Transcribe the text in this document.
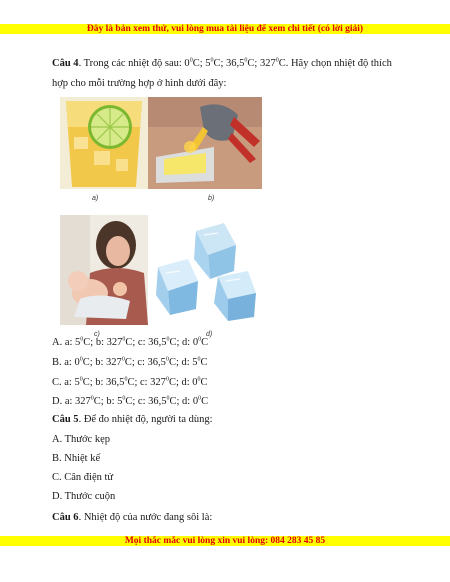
Đây là bản xem thử, vui lòng mua tài liệu để xem chi tiết (có lời giải)
Câu 4. Trong các nhiệt độ sau: $0^0C$; $5^0C$; 36,5$^0$C; $327^0C$. Hãy chọn nhiệt độ thích
hợp cho mỗi trường hợp ở hình dưới đây:
a)	b)
c)	d)
A. a: $5^0C$; b: $327^0C$; c: 36,5$^0$C; d: $0^0C$
B. a: $0^0C$; b: $327^0C$; c: 36,5$^0$C; d: $5^0C$
C. a: $5^0C$; b: 36,5$^0$C; c: $327^0C$; d: $0^0C$
D. a: $327^0C$; b: $5^0C$; c: 36,5$^0$C; d: $0^0C$
Câu 5. Để đo nhiệt độ, người ta dùng:
A. Thước kẹp
B. Nhiệt kế
C. Cân điện tử
D. Thước cuộn
Câu 6. Nhiệt độ của nước đang sôi là:
Mọi thắc mắc vui lòng xin vui lòng: 084 283 45 85
